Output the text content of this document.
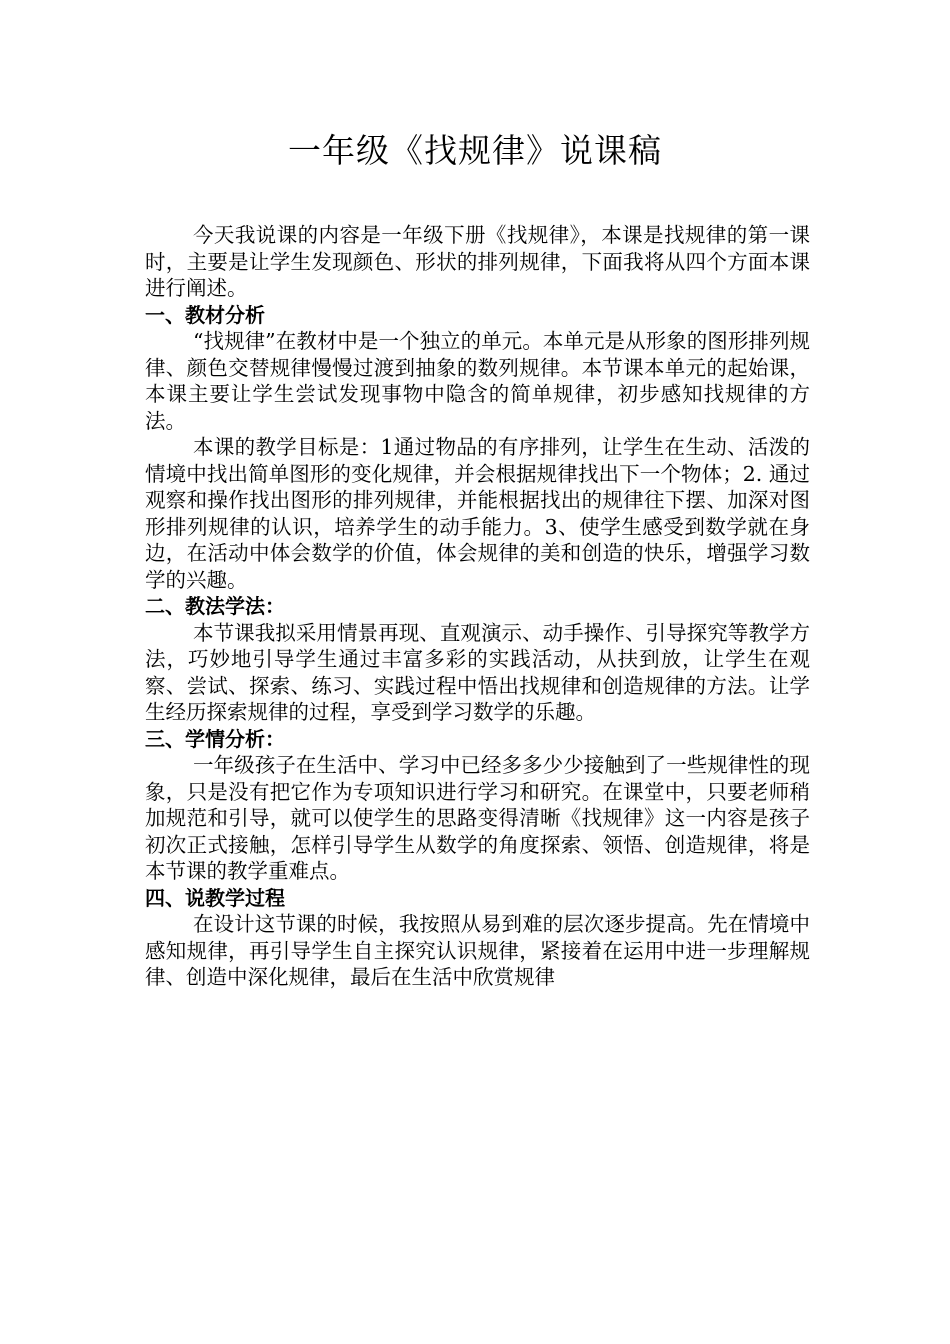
一年级《找规律》说课稿

今天我说课的内容是一年级下册《找规律》，本课是找规律的第一课时，主要是让学生发现颜色、形状的排列规律，下面我将从四个方面本课进行阐述。

一、教材分析

“找规律”在教材中是一个独立的单元。本单元是从形象的图形排列规律、颜色交替规律慢慢过渡到抽象的数列规律。本节课本单元的起始课，本课主要让学生尝试发现事物中隐含的简单规律，初步感知找规律的方法。

本课的教学目标是：1通过物品的有序排列，让学生在生动、活泼的情境中找出简单图形的变化规律，并会根据规律找出下一个物体；2. 通过观察和操作找出图形的排列规律，并能根据找出的规律往下摆、加深对图形排列规律的认识，培养学生的动手能力。3、使学生感受到数学就在身边，在活动中体会数学的价值，体会规律的美和创造的快乐，增强学习数学的兴趣。

二、教法学法：

本节课我拟采用情景再现、直观演示、动手操作、引导探究等教学方法，巧妙地引导学生通过丰富多彩的实践活动，从扶到放，让学生在观察、尝试、探索、练习、实践过程中悟出找规律和创造规律的方法。让学生经历探索规律的过程，享受到学习数学的乐趣。

三、学情分析：

一年级孩子在生活中、学习中已经多多少少接触到了一些规律性的现象，只是没有把它作为专项知识进行学习和研究。在课堂中，只要老师稍加规范和引导，就可以使学生的思路变得清晰《找规律》这一内容是孩子初次正式接触，怎样引导学生从数学的角度探索、领悟、创造规律，将是本节课的教学重难点。

四、说教学过程

在设计这节课的时候，我按照从易到难的层次逐步提高。先在情境中感知规律，再引导学生自主探究认识规律，紧接着在运用中进一步理解规律、创造中深化规律，最后在生活中欣赏规律
